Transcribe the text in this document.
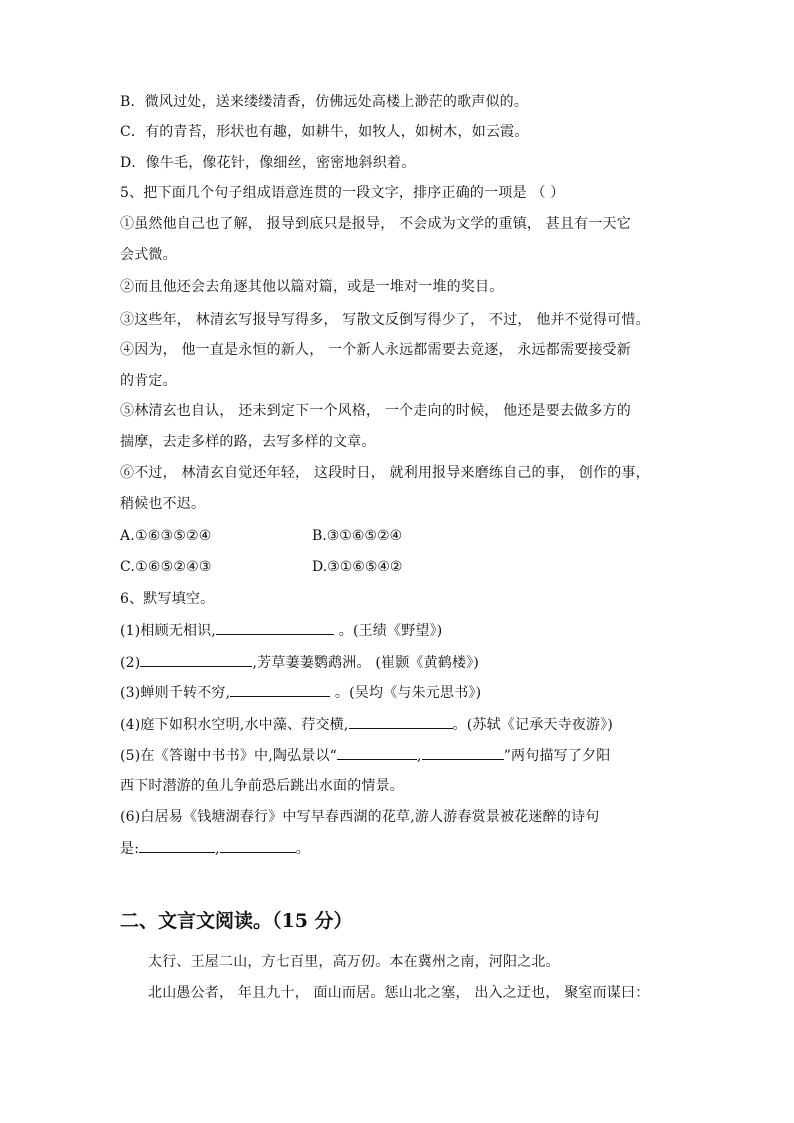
B．微风过处，送来缕缕清香，仿佛远处高楼上渺茫的歌声似的。
C．有的青苔，形状也有趣，如耕牛，如牧人，如树木，如云霞。
D．像牛毛，像花针，像细丝，密密地斜织着。
5、把下面几个句子组成语意连贯的一段文字，排序正确的一项是 （ ）
①虽然他自己也了解， 报导到底只是报导， 不会成为文学的重镇， 甚且有一天它
会式微。
②而且他还会去角逐其他以篇对篇，或是一堆对一堆的奖目。
③这些年， 林清玄写报导写得多， 写散文反倒写得少了， 不过， 他并不觉得可惜。
④因为， 他一直是永恒的新人， 一个新人永远都需要去竞逐， 永远都需要接受新
的肯定。
⑤林清玄也自认， 还未到定下一个风格， 一个走向的时候， 他还是要去做多方的
揣摩，去走多样的路，去写多样的文章。
⑥不过， 林清玄自觉还年轻， 这段时日， 就利用报导来磨练自己的事， 创作的事，
稍候也不迟。
A.①⑥③⑤②④	B.③①⑥⑤②④
C.①⑥⑤②④③	D.③①⑥⑤④②
6、默写填空。
(1)相顾无相识,	。(王绩《野望》)
(2)	,芳草萋萋鹦鹉洲。 (崔颢《黄鹤楼》)
(3)蝉则千转不穷,	。(吴均《与朱元思书》)
(4)庭下如积水空明,水中藻、荇交横,	。(苏轼《记承天寺夜游》)
(5)在《答谢中书书》中,陶弘景以“	,	”两句描写了夕阳
西下时潜游的鱼儿争前恐后跳出水面的情景。
(6)白居易《钱塘湖春行》中写早春西湖的花草,游人游春赏景被花迷醉的诗句
是:	,	。
二、文言文阅读。（15 分）
太行、王屋二山，方七百里，高万仞。本在冀州之南，河阳之北。
北山愚公者， 年且九十， 面山而居。惩山北之塞， 出入之迂也， 聚室而谋曰：
